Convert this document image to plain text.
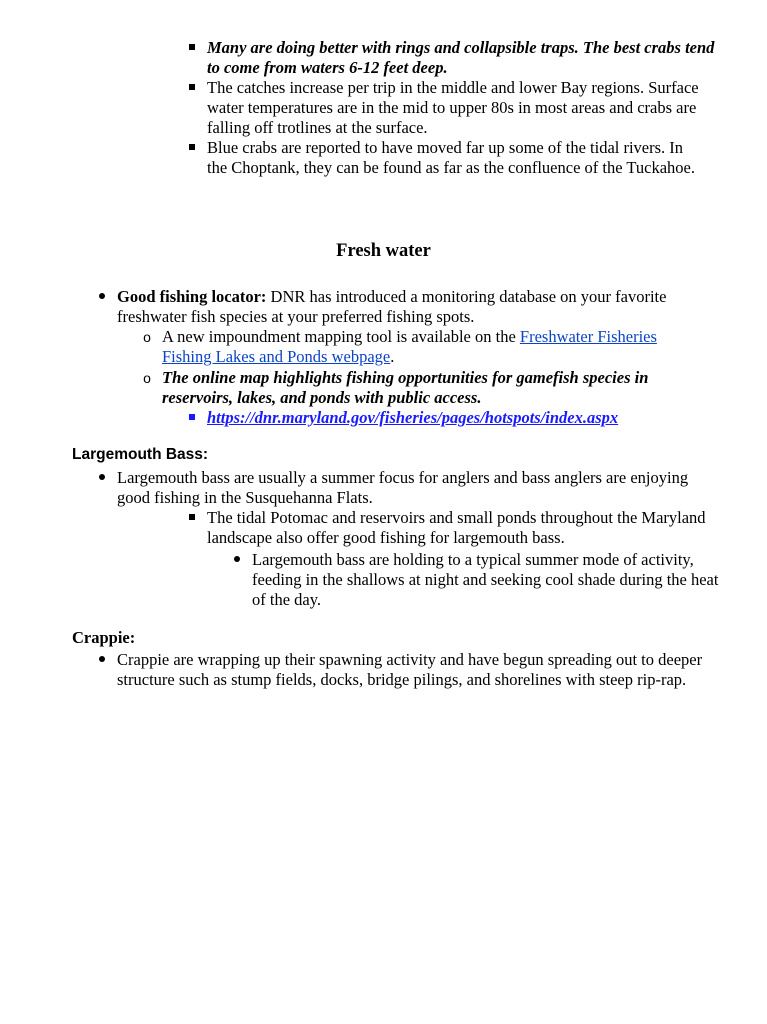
Many are doing better with rings and collapsible traps. The best crabs tend to come from waters 6-12 feet deep.
The catches increase per trip in the middle and lower Bay regions. Surface water temperatures are in the mid to upper 80s in most areas and crabs are falling off trotlines at the surface.
Blue crabs are reported to have moved far up some of the tidal rivers. In the Choptank, they can be found as far as the confluence of the Tuckahoe.
Fresh water
Good fishing locator: DNR has introduced a monitoring database on your favorite freshwater fish species at your preferred fishing spots.
o A new impoundment mapping tool is available on the Freshwater Fisheries Fishing Lakes and Ponds webpage.
o The online map highlights fishing opportunities for gamefish species in reservoirs, lakes, and ponds with public access.
https://dnr.maryland.gov/fisheries/pages/hotspots/index.aspx
Largemouth Bass:
Largemouth bass are usually a summer focus for anglers and bass anglers are enjoying good fishing in the Susquehanna Flats.
The tidal Potomac and reservoirs and small ponds throughout the Maryland landscape also offer good fishing for largemouth bass.
Largemouth bass are holding to a typical summer mode of activity, feeding in the shallows at night and seeking cool shade during the heat of the day.
Crappie:
Crappie are wrapping up their spawning activity and have begun spreading out to deeper structure such as stump fields, docks, bridge pilings, and shorelines with steep rip-rap.
